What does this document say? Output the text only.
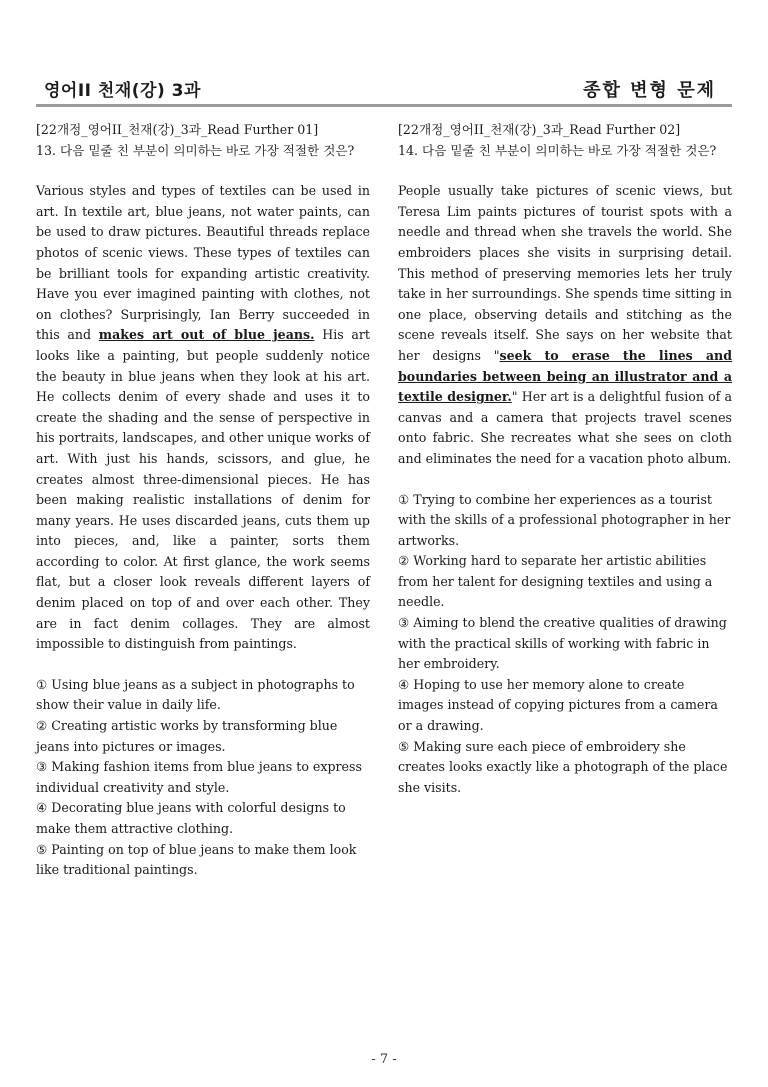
영어II 천재(강) 3과	종합 변형 문제

[22개정_영어II_천재(강)_3과_Read Further 01]

13. 다음 밑줄 친 부분이 의미하는 바로 가장 적절한 것은?

Various styles and types of textiles can be used in art. In textile art, blue jeans, not water paints, can be used to draw pictures. Beautiful threads replace photos of scenic views. These types of textiles can be brilliant tools for expanding artistic creativity. Have you ever imagined painting with clothes, not on clothes? Surprisingly, Ian Berry succeeded in this and makes art out of blue jeans. His art looks like a painting, but people suddenly notice the beauty in blue jeans when they look at his art. He collects denim of every shade and uses it to create the shading and the sense of perspective in his portraits, landscapes, and other unique works of art. With just his hands, scissors, and glue, he creates almost three-dimensional pieces. He has been making realistic installations of denim for many years. He uses discarded jeans, cuts them up into pieces, and, like a painter, sorts them according to color. At first glance, the work seems flat, but a closer look reveals different layers of denim placed on top of and over each other. They are in fact denim collages. They are almost impossible to distinguish from paintings.

① Using blue jeans as a subject in photographs to show their value in daily life.

② Creating artistic works by transforming blue jeans into pictures or images.

③ Making fashion items from blue jeans to express individual creativity and style.

④ Decorating blue jeans with colorful designs to make them attractive clothing.

⑤ Painting on top of blue jeans to make them look like traditional paintings.

[22개정_영어II_천재(강)_3과_Read Further 02]

14. 다음 밑줄 친 부분이 의미하는 바로 가장 적절한 것은?

People usually take pictures of scenic views, but Teresa Lim paints pictures of tourist spots with a needle and thread when she travels the world. She embroiders places she visits in surprising detail. This method of preserving memories lets her truly take in her surroundings. She spends time sitting in one place, observing details and stitching as the scene reveals itself. She says on her website that her designs "seek to erase the lines and boundaries between being an illustrator and a textile designer." Her art is a delightful fusion of a canvas and a camera that projects travel scenes onto fabric. She recreates what she sees on cloth and eliminates the need for a vacation photo album.

① Trying to combine her experiences as a tourist with the skills of a professional photographer in her artworks.

② Working hard to separate her artistic abilities from her talent for designing textiles and using a needle.

③ Aiming to blend the creative qualities of drawing with the practical skills of working with fabric in her embroidery.

④ Hoping to use her memory alone to create images instead of copying pictures from a camera or a drawing.

⑤ Making sure each piece of embroidery she creates looks exactly like a photograph of the place she visits.

- 7 -
